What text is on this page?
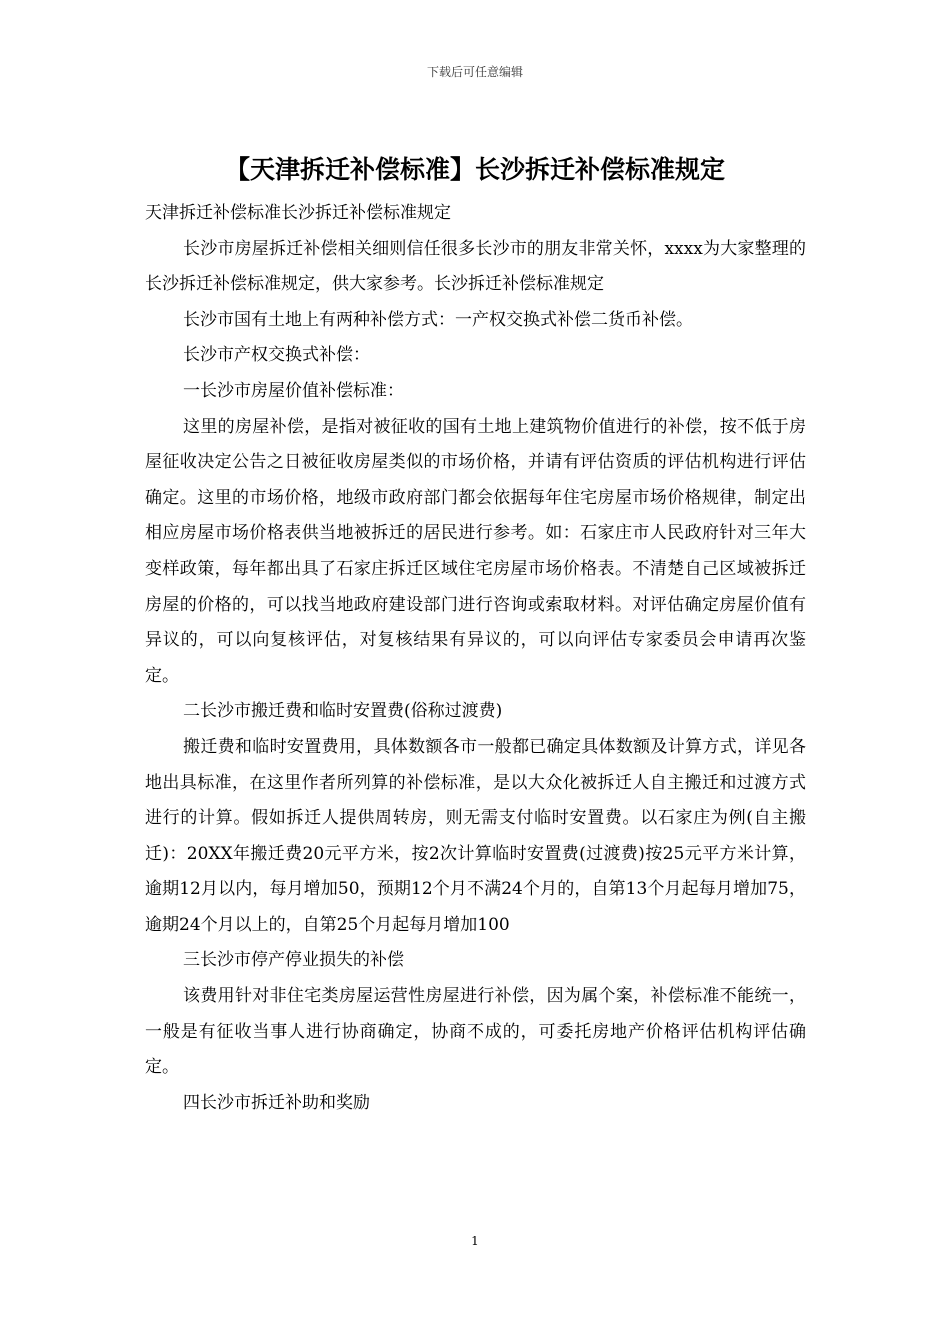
下载后可任意编辑
【天津拆迁补偿标准】长沙拆迁补偿标准规定

天津拆迁补偿标准长沙拆迁补偿标准规定

长沙市房屋拆迁补偿相关细则信任很多长沙市的朋友非常关怀，xxxx为大家整理的长沙拆迁补偿标准规定，供大家参考。长沙拆迁补偿标准规定

长沙市国有土地上有两种补偿方式：一产权交换式补偿二货币补偿。

长沙市产权交换式补偿：

一长沙市房屋价值补偿标准：

这里的房屋补偿，是指对被征收的国有土地上建筑物价值进行的补偿，按不低于房屋征收决定公告之日被征收房屋类似的市场价格，并请有评估资质的评估机构进行评估确定。这里的市场价格，地级市政府部门都会依据每年住宅房屋市场价格规律，制定出相应房屋市场价格表供当地被拆迁的居民进行参考。如：石家庄市人民政府针对三年大变样政策，每年都出具了石家庄拆迁区域住宅房屋市场价格表。不清楚自己区域被拆迁房屋的价格的，可以找当地政府建设部门进行咨询或索取材料。对评估确定房屋价值有异议的，可以向复核评估，对复核结果有异议的，可以向评估专家委员会申请再次鉴定。

二长沙市搬迁费和临时安置费(俗称过渡费)

搬迁费和临时安置费用，具体数额各市一般都已确定具体数额及计算方式，详见各地出具标准，在这里作者所列算的补偿标准，是以大众化被拆迁人自主搬迁和过渡方式进行的计算。假如拆迁人提供周转房，则无需支付临时安置费。以石家庄为例(自主搬迁)：20XX年搬迁费20元平方米，按2次计算临时安置费(过渡费)按25元平方米计算，逾期12月以内，每月增加50，预期12个月不满24个月的，自第13个月起每月增加75，逾期24个月以上的，自第25个月起每月增加100

三长沙市停产停业损失的补偿

该费用针对非住宅类房屋运营性房屋进行补偿，因为属个案，补偿标准不能统一，一般是有征收当事人进行协商确定，协商不成的，可委托房地产价格评估机构评估确定。

四长沙市拆迁补助和奖励

1
